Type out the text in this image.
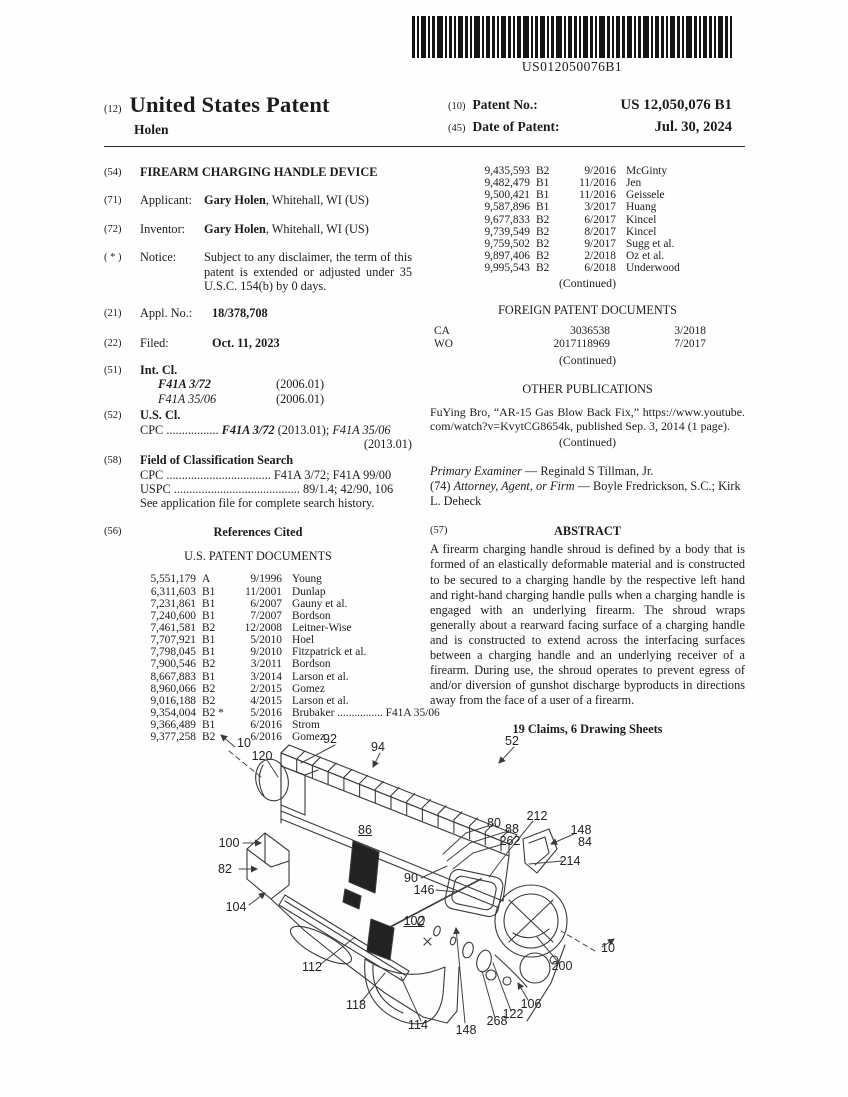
US012050076B1
(12) United States Patent
Holen
(10) Patent No.:	US 12,050,076 B1
(45) Date of Patent:	Jul. 30, 2024
(54)	FIREARM CHARGING HANDLE DEVICE
(71)	Applicant: Gary Holen, Whitehall, WI (US)
(72)	Inventor: Gary Holen, Whitehall, WI (US)
( * )	Notice:	Subject to any disclaimer, the term of this patent is extended or adjusted under 35 U.S.C. 154(b) by 0 days.
(21)	Appl. No.: 18/378,708
(22)	Filed:	Oct. 11, 2023
(51)	Int. Cl.
F41A 3/72	(2006.01)
F41A 35/06	(2006.01)
(52)	U.S. Cl.
CPC ................. F41A 3/72 (2013.01); F41A 35/06
(2013.01)
(58)	Field of Classification Search
CPC .................................. F41A 3/72; F41A 99/00
USPC ......................................... 89/1.4; 42/90, 106
See application file for complete search history.
(56)	References Cited
U.S. PATENT DOCUMENTS
5,551,179 A	9/1996 Young
6,311,603 B1	11/2001 Dunlap
7,231,861 B1	6/2007 Gauny et al.
7,240,600 B1	7/2007 Bordson
7,461,581 B2	12/2008 Leitner-Wise
7,707,921 B1	5/2010 Hoel
7,798,045 B1	9/2010 Fitzpatrick et al.
7,900,546 B2	3/2011 Bordson
8,667,883 B1	3/2014 Larson et al.
8,960,066 B2	2/2015 Gomez
9,016,188 B2	4/2015 Larson et al.
9,354,004 B2 *	5/2016 Brubaker ................ F41A 35/06
9,366,489 B1	6/2016 Strom
9,377,258 B2	6/2016 Gomez
9,435,593 B2	9/2016 McGinty
9,482,479 B1	11/2016 Jen
9,500,421 B1	11/2016 Geissele
9,587,896 B1	3/2017 Huang
9,677,833 B2	6/2017 Kincel
9,739,549 B2	8/2017 Kincel
9,759,502 B2	9/2017 Sugg et al.
9,897,406 B2	2/2018 Oz et al.
9,995,543 B2	6/2018 Underwood
(Continued)
FOREIGN PATENT DOCUMENTS
CA	3036538	3/2018
WO	2017118969	7/2017
(Continued)
OTHER PUBLICATIONS
FuYing Bro, “AR-15 Gas Blow Back Fix,” https://www.youtube. com/watch?v=KvytCG8654k, published Sep. 3, 2014 (1 page).
(Continued)
Primary Examiner — Reginald S Tillman, Jr.
(74) Attorney, Agent, or Firm — Boyle Fredrickson, S.C.; Kirk L. Deheck
(57)	ABSTRACT
A firearm charging handle shroud is defined by a body that is formed of an elastically deformable material and is constructed to be secured to a charging handle by the respective left hand and right-hand charging handle pulls when a charging handle is engaged with an underlying firearm. The shroud wraps generally about a rearward facing surface of a charging handle and is constructed to extend across the interfacing surfaces between a charging handle and an underlying receiver of a firearm. During use, the shroud operates to prevent egress of and/or diversion of gunshot discharge byproducts in directions away from the face of a user of a firearm.
19 Claims, 6 Drawing Sheets
10
120
92
94	52
86
100
82
104
80 88
262
212
148
84
214
90
146
102
112
118
114 148
268
122
106
200
10
